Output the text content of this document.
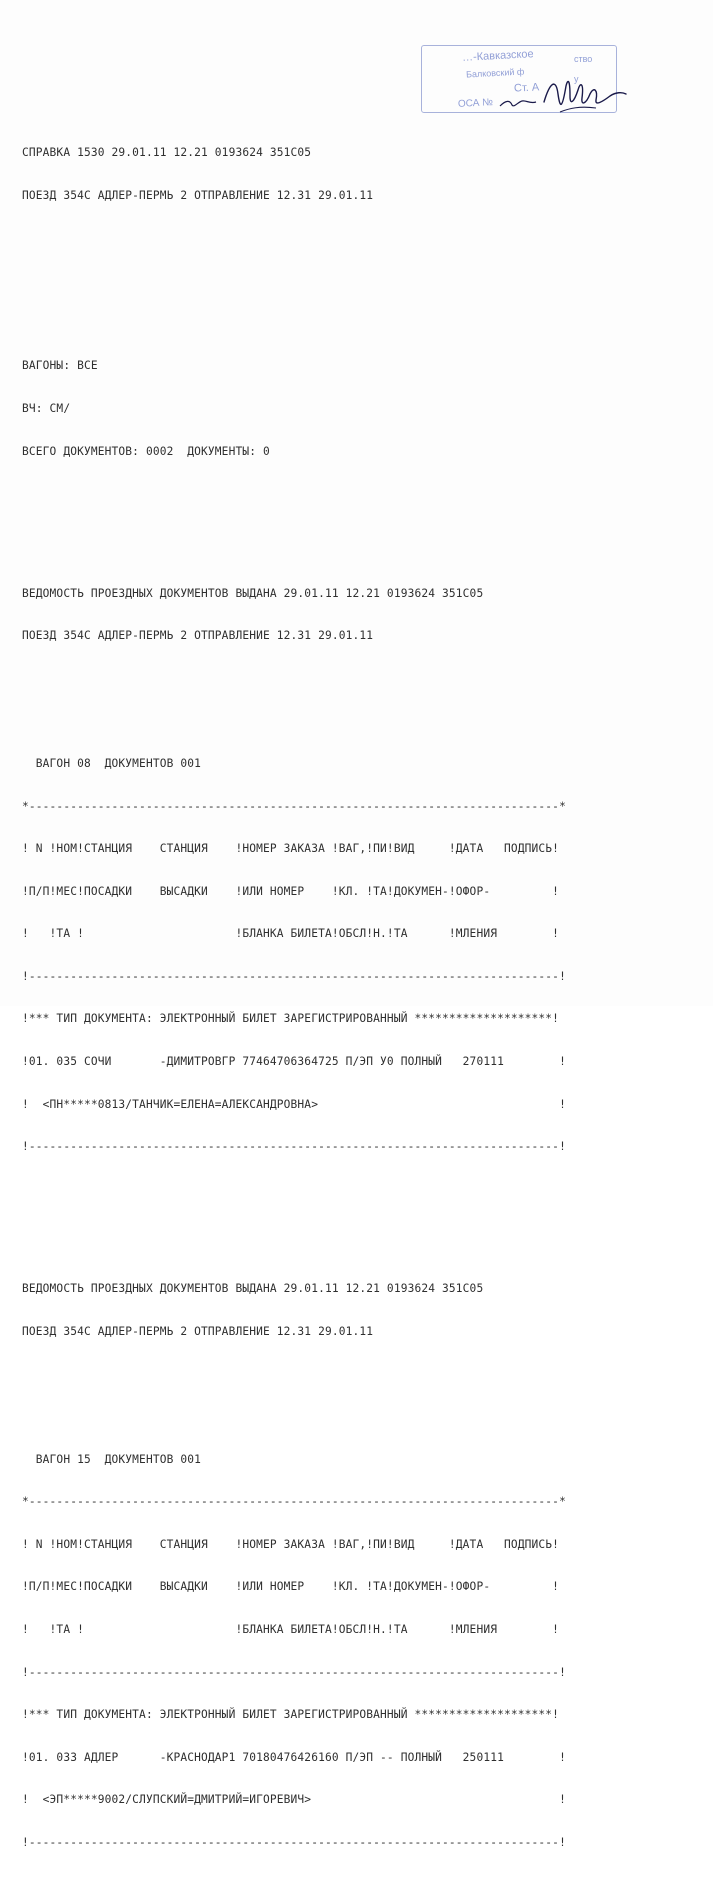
…-Кавказское
Балковский ф
Ст. А
ОСА №
ство
у

СПРАВКА 1530 29.01.11 12.21 0193624 351С05

ПОЕЗД 354С АДЛЕР-ПЕРМЬ 2 ОТПРАВЛЕНИЕ 12.31 29.01.11

ВАГОНЫ: ВСЕ

ВЧ: СМ/

ВСЕГО ДОКУМЕНТОВ: 0002  ДОКУМЕНТЫ: 0

ВЕДОМОСТЬ ПРОЕЗДНЫХ ДОКУМЕНТОВ ВЫДАНА 29.01.11 12.21 0193624 351С05

ПОЕЗД 354С АДЛЕР-ПЕРМЬ 2 ОТПРАВЛЕНИЕ 12.31 29.01.11

ВАГОН 08  ДОКУМЕНТОВ 001

*-----------------------------------------------------------------------------*

! N !НОМ!СТАНЦИЯ    СТАНЦИЯ    !НОМЕР ЗАКАЗА !ВАГ,!ПИ!ВИД     !ДАТА   ПОДПИСЬ!

!П/П!МЕС!ПОСАДКИ    ВЫСАДКИ    !ИЛИ НОМЕР    !КЛ. !ТА!ДОКУМЕН-!ОФОР-         !

!   !ТА !                      !БЛАНКА БИЛЕТА!ОБСЛ!Н.!ТА      !МЛЕНИЯ        !

!-----------------------------------------------------------------------------!

!*** ТИП ДОКУМЕНТА: ЭЛЕКТРОННЫЙ БИЛЕТ ЗАРЕГИСТРИРОВАННЫЙ ********************!

!01. 035 СОЧИ       -ДИМИТРОВГР 77464706364725 П/ЭП У0 ПОЛНЫЙ   270111        !

!  <ПН*****0813/ТАНЧИК=ЕЛЕНА=АЛЕКСАНДРОВНА>                                   !

!-----------------------------------------------------------------------------!

ВЕДОМОСТЬ ПРОЕЗДНЫХ ДОКУМЕНТОВ ВЫДАНА 29.01.11 12.21 0193624 351С05

ПОЕЗД 354С АДЛЕР-ПЕРМЬ 2 ОТПРАВЛЕНИЕ 12.31 29.01.11

ВАГОН 15  ДОКУМЕНТОВ 001

*-----------------------------------------------------------------------------*

! N !НОМ!СТАНЦИЯ    СТАНЦИЯ    !НОМЕР ЗАКАЗА !ВАГ,!ПИ!ВИД     !ДАТА   ПОДПИСЬ!

!П/П!МЕС!ПОСАДКИ    ВЫСАДКИ    !ИЛИ НОМЕР    !КЛ. !ТА!ДОКУМЕН-!ОФОР-         !

!   !ТА !                      !БЛАНКА БИЛЕТА!ОБСЛ!Н.!ТА      !МЛЕНИЯ        !

!-----------------------------------------------------------------------------!

!*** ТИП ДОКУМЕНТА: ЭЛЕКТРОННЫЙ БИЛЕТ ЗАРЕГИСТРИРОВАННЫЙ ********************!

!01. 033 АДЛЕР      -КРАСНОДАР1 70180476426160 П/ЭП -- ПОЛНЫЙ   250111        !

!  <ЭП*****9002/СЛУПСКИЙ=ДМИТРИЙ=ИГОРЕВИЧ>                                    !

!-----------------------------------------------------------------------------!
